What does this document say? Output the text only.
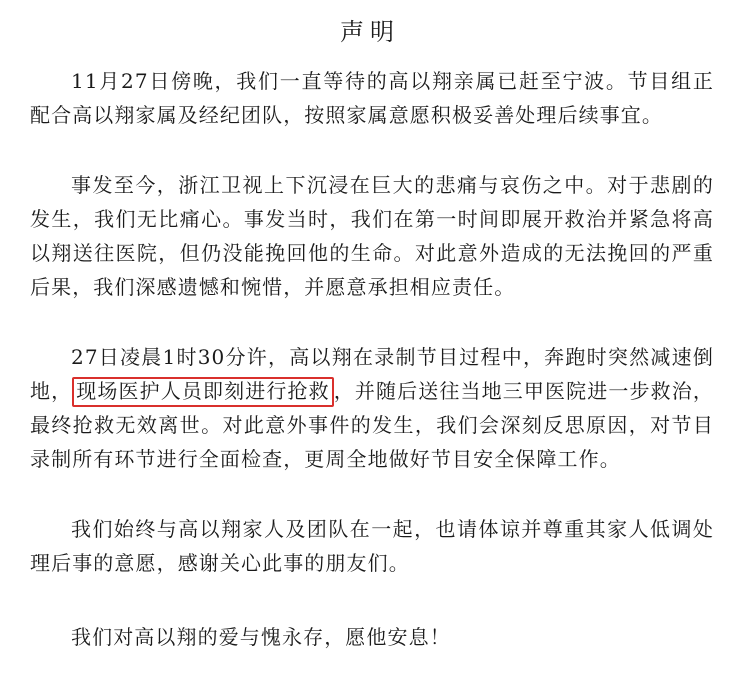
声明

11月27日傍晚，我们一直等待的高以翔亲属已赶至宁波。节目组正配合高以翔家属及经纪团队，按照家属意愿积极妥善处理后续事宜。

事发至今，浙江卫视上下沉浸在巨大的悲痛与哀伤之中。对于悲剧的发生，我们无比痛心。事发当时，我们在第一时间即展开救治并紧急将高以翔送往医院，但仍没能挽回他的生命。对此意外造成的无法挽回的严重后果，我们深感遗憾和惋惜，并愿意承担相应责任。

27日凌晨1时30分许，高以翔在录制节目过程中，奔跑时突然减速倒地， 现场医护人员即刻进行抢救 ，并随后送往当地三甲医院进一步救治，最终抢救无效离世。对此意外事件的发生，我们会深刻反思原因，对节目录制所有环节进行全面检查，更周全地做好节目安全保障工作。

我们始终与高以翔家人及团队在一起，也请体谅并尊重其家人低调处理后事的意愿，感谢关心此事的朋友们。

我们对高以翔的爱与愧永存，愿他安息！
